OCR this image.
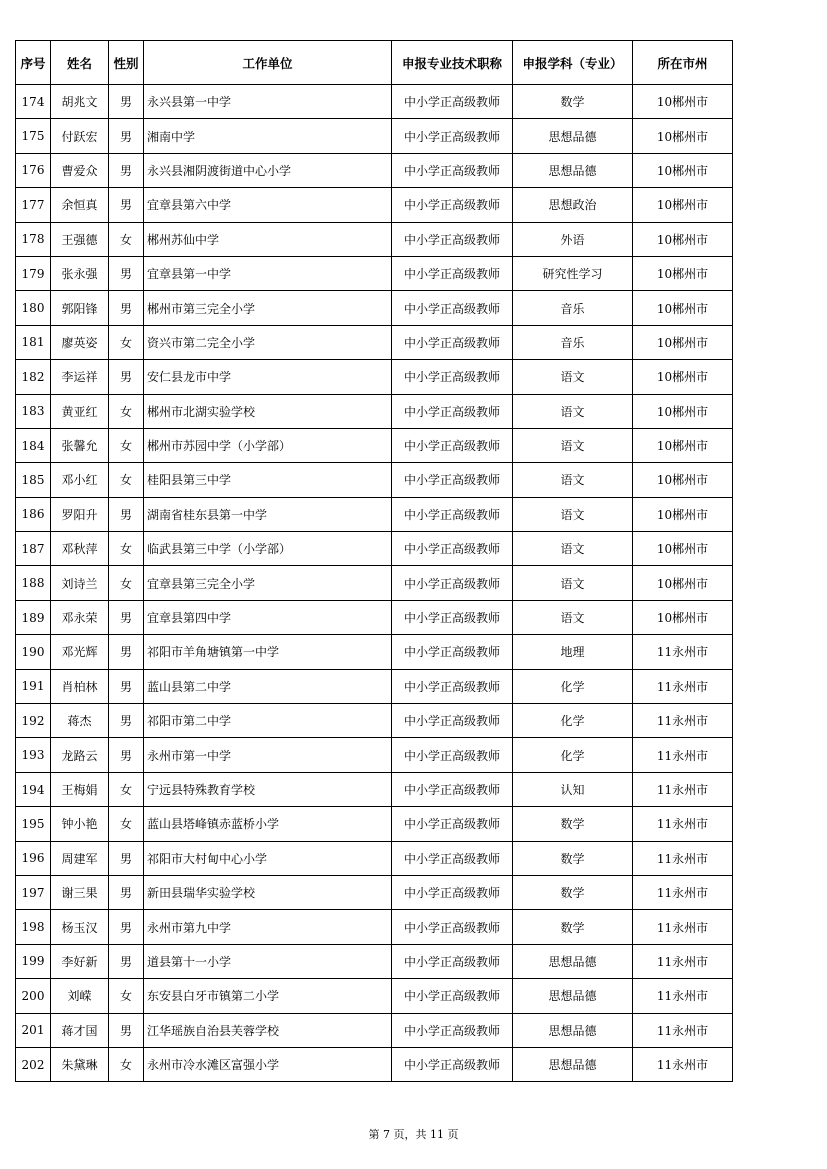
序号	姓名	性别	工作单位	申报专业技术职称	申报学科（专业）	所在市州
174	胡兆文	男	永兴县第一中学	中小学正高级教师	数学	10郴州市
175	付跃宏	男	湘南中学	中小学正高级教师	思想品德	10郴州市
176	曹爱众	男	永兴县湘阴渡街道中心小学	中小学正高级教师	思想品德	10郴州市
177	余恒真	男	宜章县第六中学	中小学正高级教师	思想政治	10郴州市
178	王强德	女	郴州苏仙中学	中小学正高级教师	外语	10郴州市
179	张永强	男	宜章县第一中学	中小学正高级教师	研究性学习	10郴州市
180	郭阳锋	男	郴州市第三完全小学	中小学正高级教师	音乐	10郴州市
181	廖英姿	女	资兴市第二完全小学	中小学正高级教师	音乐	10郴州市
182	李运祥	男	安仁县龙市中学	中小学正高级教师	语文	10郴州市
183	黄亚红	女	郴州市北湖实验学校	中小学正高级教师	语文	10郴州市
184	张馨允	女	郴州市苏园中学（小学部）	中小学正高级教师	语文	10郴州市
185	邓小红	女	桂阳县第三中学	中小学正高级教师	语文	10郴州市
186	罗阳升	男	湖南省桂东县第一中学	中小学正高级教师	语文	10郴州市
187	邓秋萍	女	临武县第三中学（小学部）	中小学正高级教师	语文	10郴州市
188	刘诗兰	女	宜章县第三完全小学	中小学正高级教师	语文	10郴州市
189	邓永荣	男	宜章县第四中学	中小学正高级教师	语文	10郴州市
190	邓光辉	男	祁阳市羊角塘镇第一中学	中小学正高级教师	地理	11永州市
191	肖柏林	男	蓝山县第二中学	中小学正高级教师	化学	11永州市
192	蒋杰	男	祁阳市第二中学	中小学正高级教师	化学	11永州市
193	龙路云	男	永州市第一中学	中小学正高级教师	化学	11永州市
194	王梅娟	女	宁远县特殊教育学校	中小学正高级教师	认知	11永州市
195	钟小艳	女	蓝山县塔峰镇赤蓝桥小学	中小学正高级教师	数学	11永州市
196	周建军	男	祁阳市大村甸中心小学	中小学正高级教师	数学	11永州市
197	谢三果	男	新田县瑞华实验学校	中小学正高级教师	数学	11永州市
198	杨玉汉	男	永州市第九中学	中小学正高级教师	数学	11永州市
199	李好新	男	道县第十一小学	中小学正高级教师	思想品德	11永州市
200	刘嵘	女	东安县白牙市镇第二小学	中小学正高级教师	思想品德	11永州市
201	蒋才国	男	江华瑶族自治县芙蓉学校	中小学正高级教师	思想品德	11永州市
202	朱黛琳	女	永州市冷水滩区富强小学	中小学正高级教师	思想品德	11永州市
第 7 页，共 11 页
